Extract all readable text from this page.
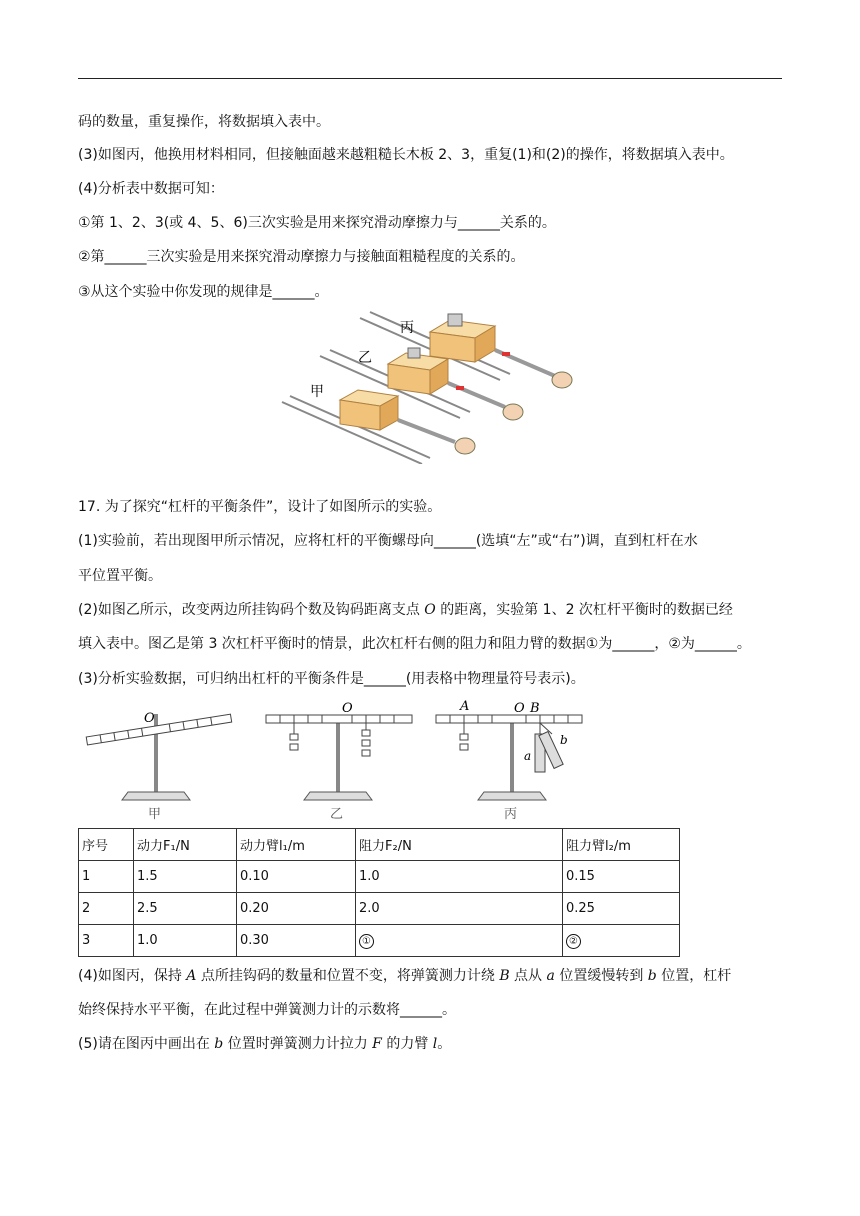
码的数量，重复操作，将数据填入表中。
(3)如图丙，他换用材料相同，但接触面越来越粗糙长木板 2、3，重复(1)和(2)的操作，将数据填入表中。
(4)分析表中数据可知：
①第 1、2、3(或 4、5、6)三次实验是用来探究滑动摩擦力与______关系的。
②第______三次实验是用来探究滑动摩擦力与接触面粗糙程度的关系的。
③从这个实验中你发现的规律是______。
丙
乙
甲
17. 为了探究“杠杆的平衡条件”，设计了如图所示的实验。
(1)实验前，若出现图甲所示情况，应将杠杆的平衡螺母向______(选填“左”或“右”)调，直到杠杆在水
平位置平衡。
(2)如图乙所示，改变两边所挂钩码个数及钩码距离支点 O 的距离，实验第 1、2 次杠杆平衡时的数据已经
填入表中。图乙是第 3 次杠杆平衡时的情景，此次杠杆右侧的阻力和阻力臂的数据①为______，②为______。
(3)分析实验数据，可归纳出杠杆的平衡条件是______(用表格中物理量符号表示)。
O
甲
O
乙
A	O B
a
b
丙
序号	动力F₁/N	动力臂l₁/m	阻力F₂/N	阻力臂l₂/m
1	1.5	0.10	1.0	0.15
2	2.5	0.20	2.0	0.25
3	1.0	0.30	①	②
(4)如图丙，保持 A 点所挂钩码的数量和位置不变，将弹簧测力计绕 B 点从 a 位置缓慢转到 b 位置，杠杆
始终保持水平平衡，在此过程中弹簧测力计的示数将______。
(5)请在图丙中画出在 b 位置时弹簧测力计拉力 F 的力臂 l。
